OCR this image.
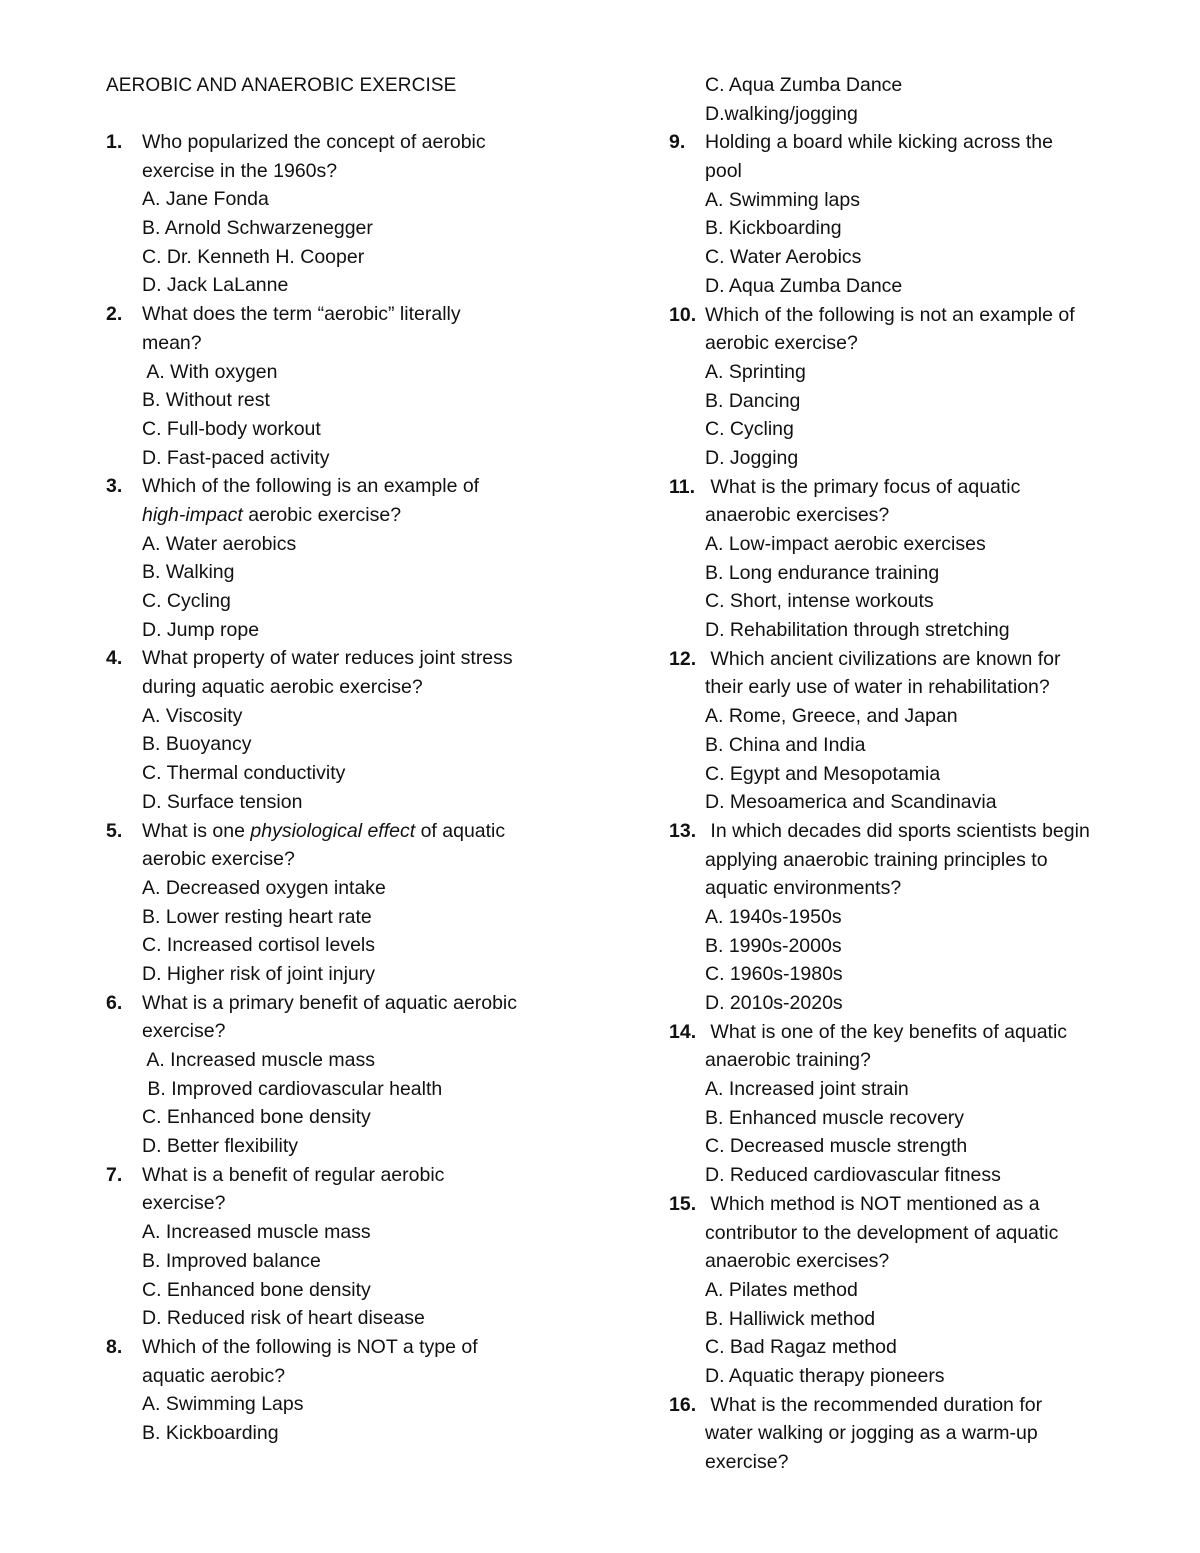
AEROBIC AND ANAEROBIC EXERCISE
1. Who popularized the concept of aerobic
exercise in the 1960s?
A. Jane Fonda
B. Arnold Schwarzenegger
C. Dr. Kenneth H. Cooper
D. Jack LaLanne
2. What does the term “aerobic” literally
mean?
A. With oxygen
B. Without rest
C. Full-body workout
D. Fast-paced activity
3. Which of the following is an example of
high-impact aerobic exercise?
A. Water aerobics
B. Walking
C. Cycling
D. Jump rope
4. What property of water reduces joint stress
during aquatic aerobic exercise?
A. Viscosity
B. Buoyancy
C. Thermal conductivity
D. Surface tension
5. What is one physiological effect of aquatic
aerobic exercise?
A. Decreased oxygen intake
B. Lower resting heart rate
C. Increased cortisol levels
D. Higher risk of joint injury
6. What is a primary benefit of aquatic aerobic
exercise?
A. Increased muscle mass
B. Improved cardiovascular health
C. Enhanced bone density
D. Better flexibility
7. What is a benefit of regular aerobic
exercise?
A. Increased muscle mass
B. Improved balance
C. Enhanced bone density
D. Reduced risk of heart disease
8. Which of the following is NOT a type of
aquatic aerobic?
A. Swimming Laps
B. Kickboarding
C. Aqua Zumba Dance
D.walking/jogging
9. Holding a board while kicking across the
pool
A. Swimming laps
B. Kickboarding
C. Water Aerobics
D. Aqua Zumba Dance
10. Which of the following is not an example of
aerobic exercise?
A. Sprinting
B. Dancing
C. Cycling
D. Jogging
11. What is the primary focus of aquatic
anaerobic exercises?
A. Low-impact aerobic exercises
B. Long endurance training
C. Short, intense workouts
D. Rehabilitation through stretching
12. Which ancient civilizations are known for
their early use of water in rehabilitation?
A. Rome, Greece, and Japan
B. China and India
C. Egypt and Mesopotamia
D. Mesoamerica and Scandinavia
13. In which decades did sports scientists begin
applying anaerobic training principles to
aquatic environments?
A. 1940s-1950s
B. 1990s-2000s
C. 1960s-1980s
D. 2010s-2020s
14. What is one of the key benefits of aquatic
anaerobic training?
A. Increased joint strain
B. Enhanced muscle recovery
C. Decreased muscle strength
D. Reduced cardiovascular fitness
15. Which method is NOT mentioned as a
contributor to the development of aquatic
anaerobic exercises?
A. Pilates method
B. Halliwick method
C. Bad Ragaz method
D. Aquatic therapy pioneers
16. What is the recommended duration for
water walking or jogging as a warm-up
exercise?
